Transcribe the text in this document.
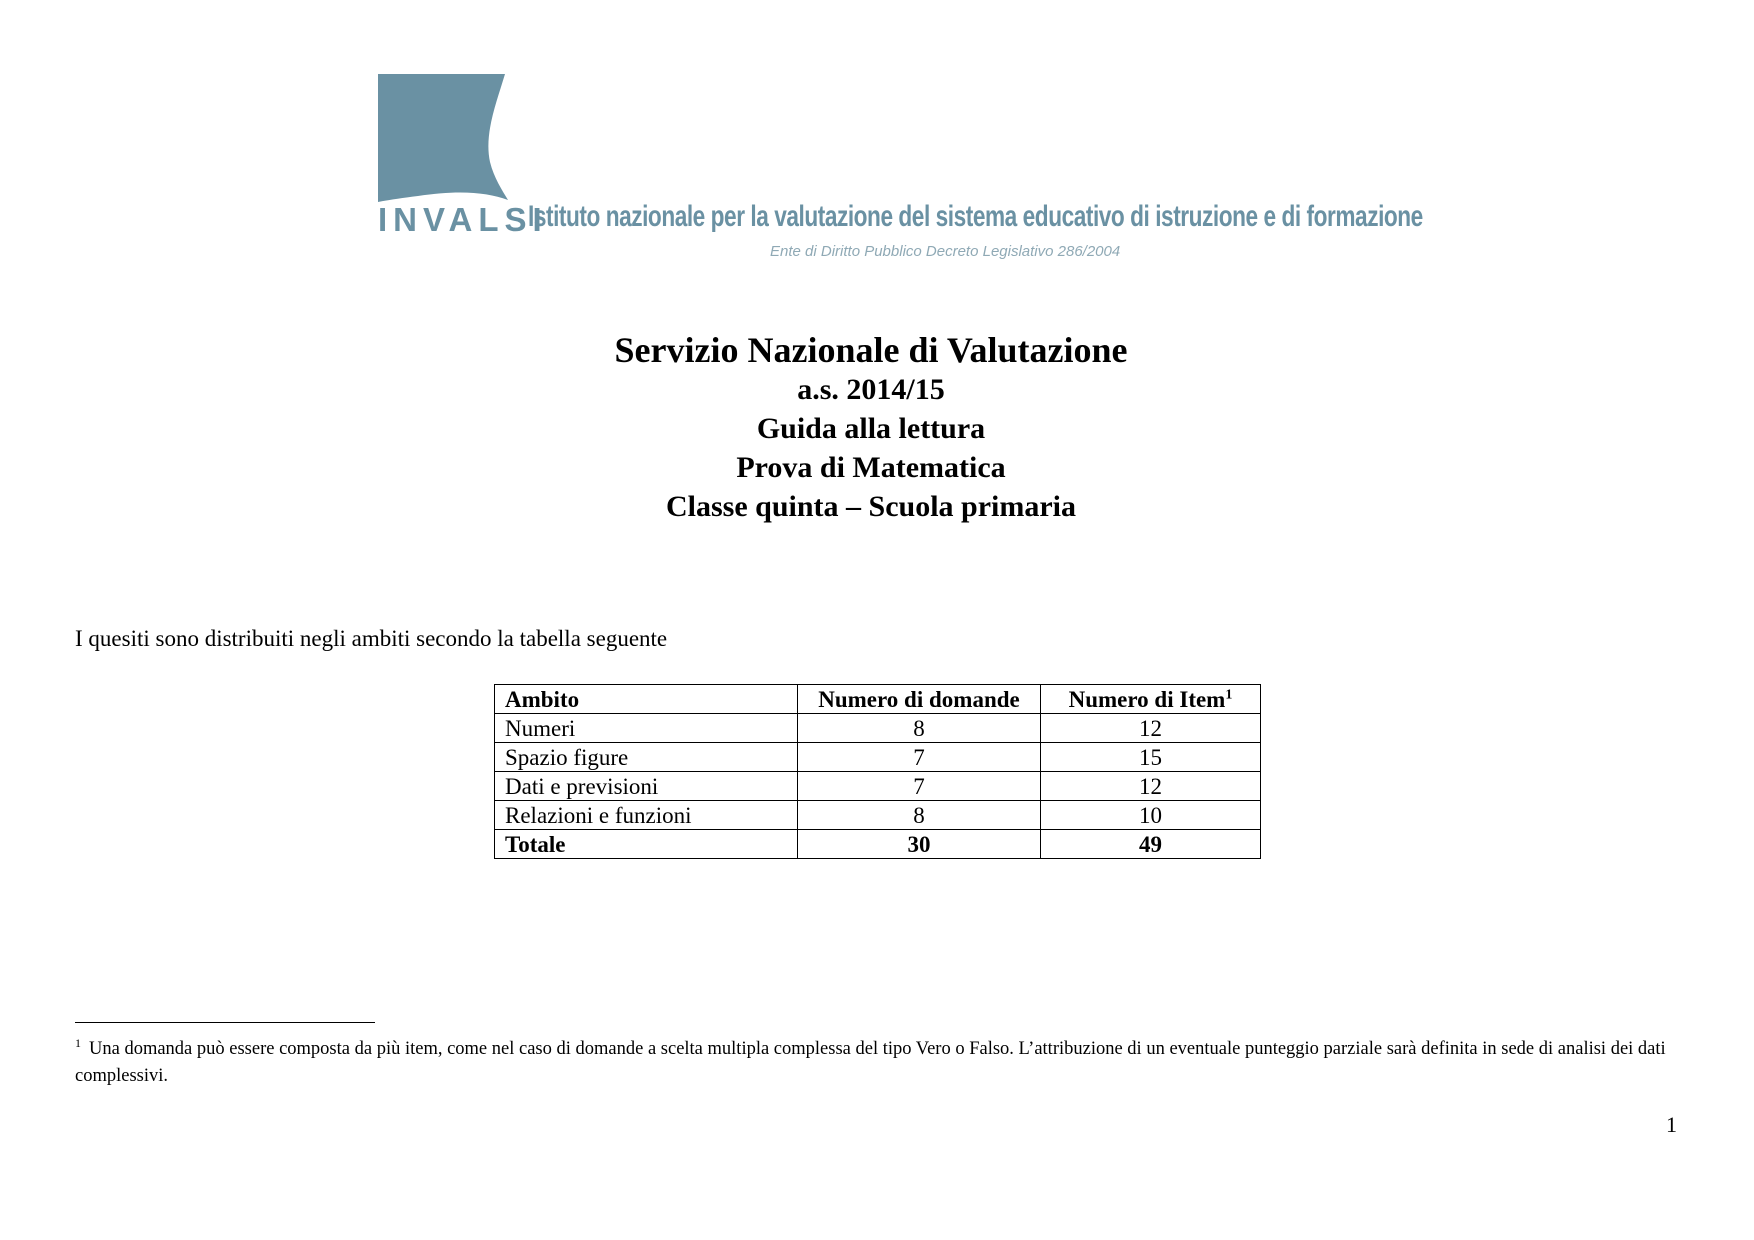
INVALSI
Istituto nazionale per la valutazione del sistema educativo di istruzione e di formazione
Ente di Diritto Pubblico Decreto Legislativo 286/2004
Servizio Nazionale di Valutazione
a.s. 2014/15
Guida alla lettura
Prova di Matematica
Classe quinta – Scuola primaria
I quesiti sono distribuiti negli ambiti secondo la tabella seguente
Ambito	Numero di domande	Numero di Item$^1$
Numeri	8	12
Spazio figure	7	15
Dati e previsioni	7	12
Relazioni e funzioni	8	10
Totale	30	49
$^1$ Una domanda può essere composta da più item, come nel caso di domande a scelta multipla complessa del tipo Vero o Falso. L’attribuzione di un eventuale punteggio parziale sarà definita in sede di analisi dei dati complessivi.
1
